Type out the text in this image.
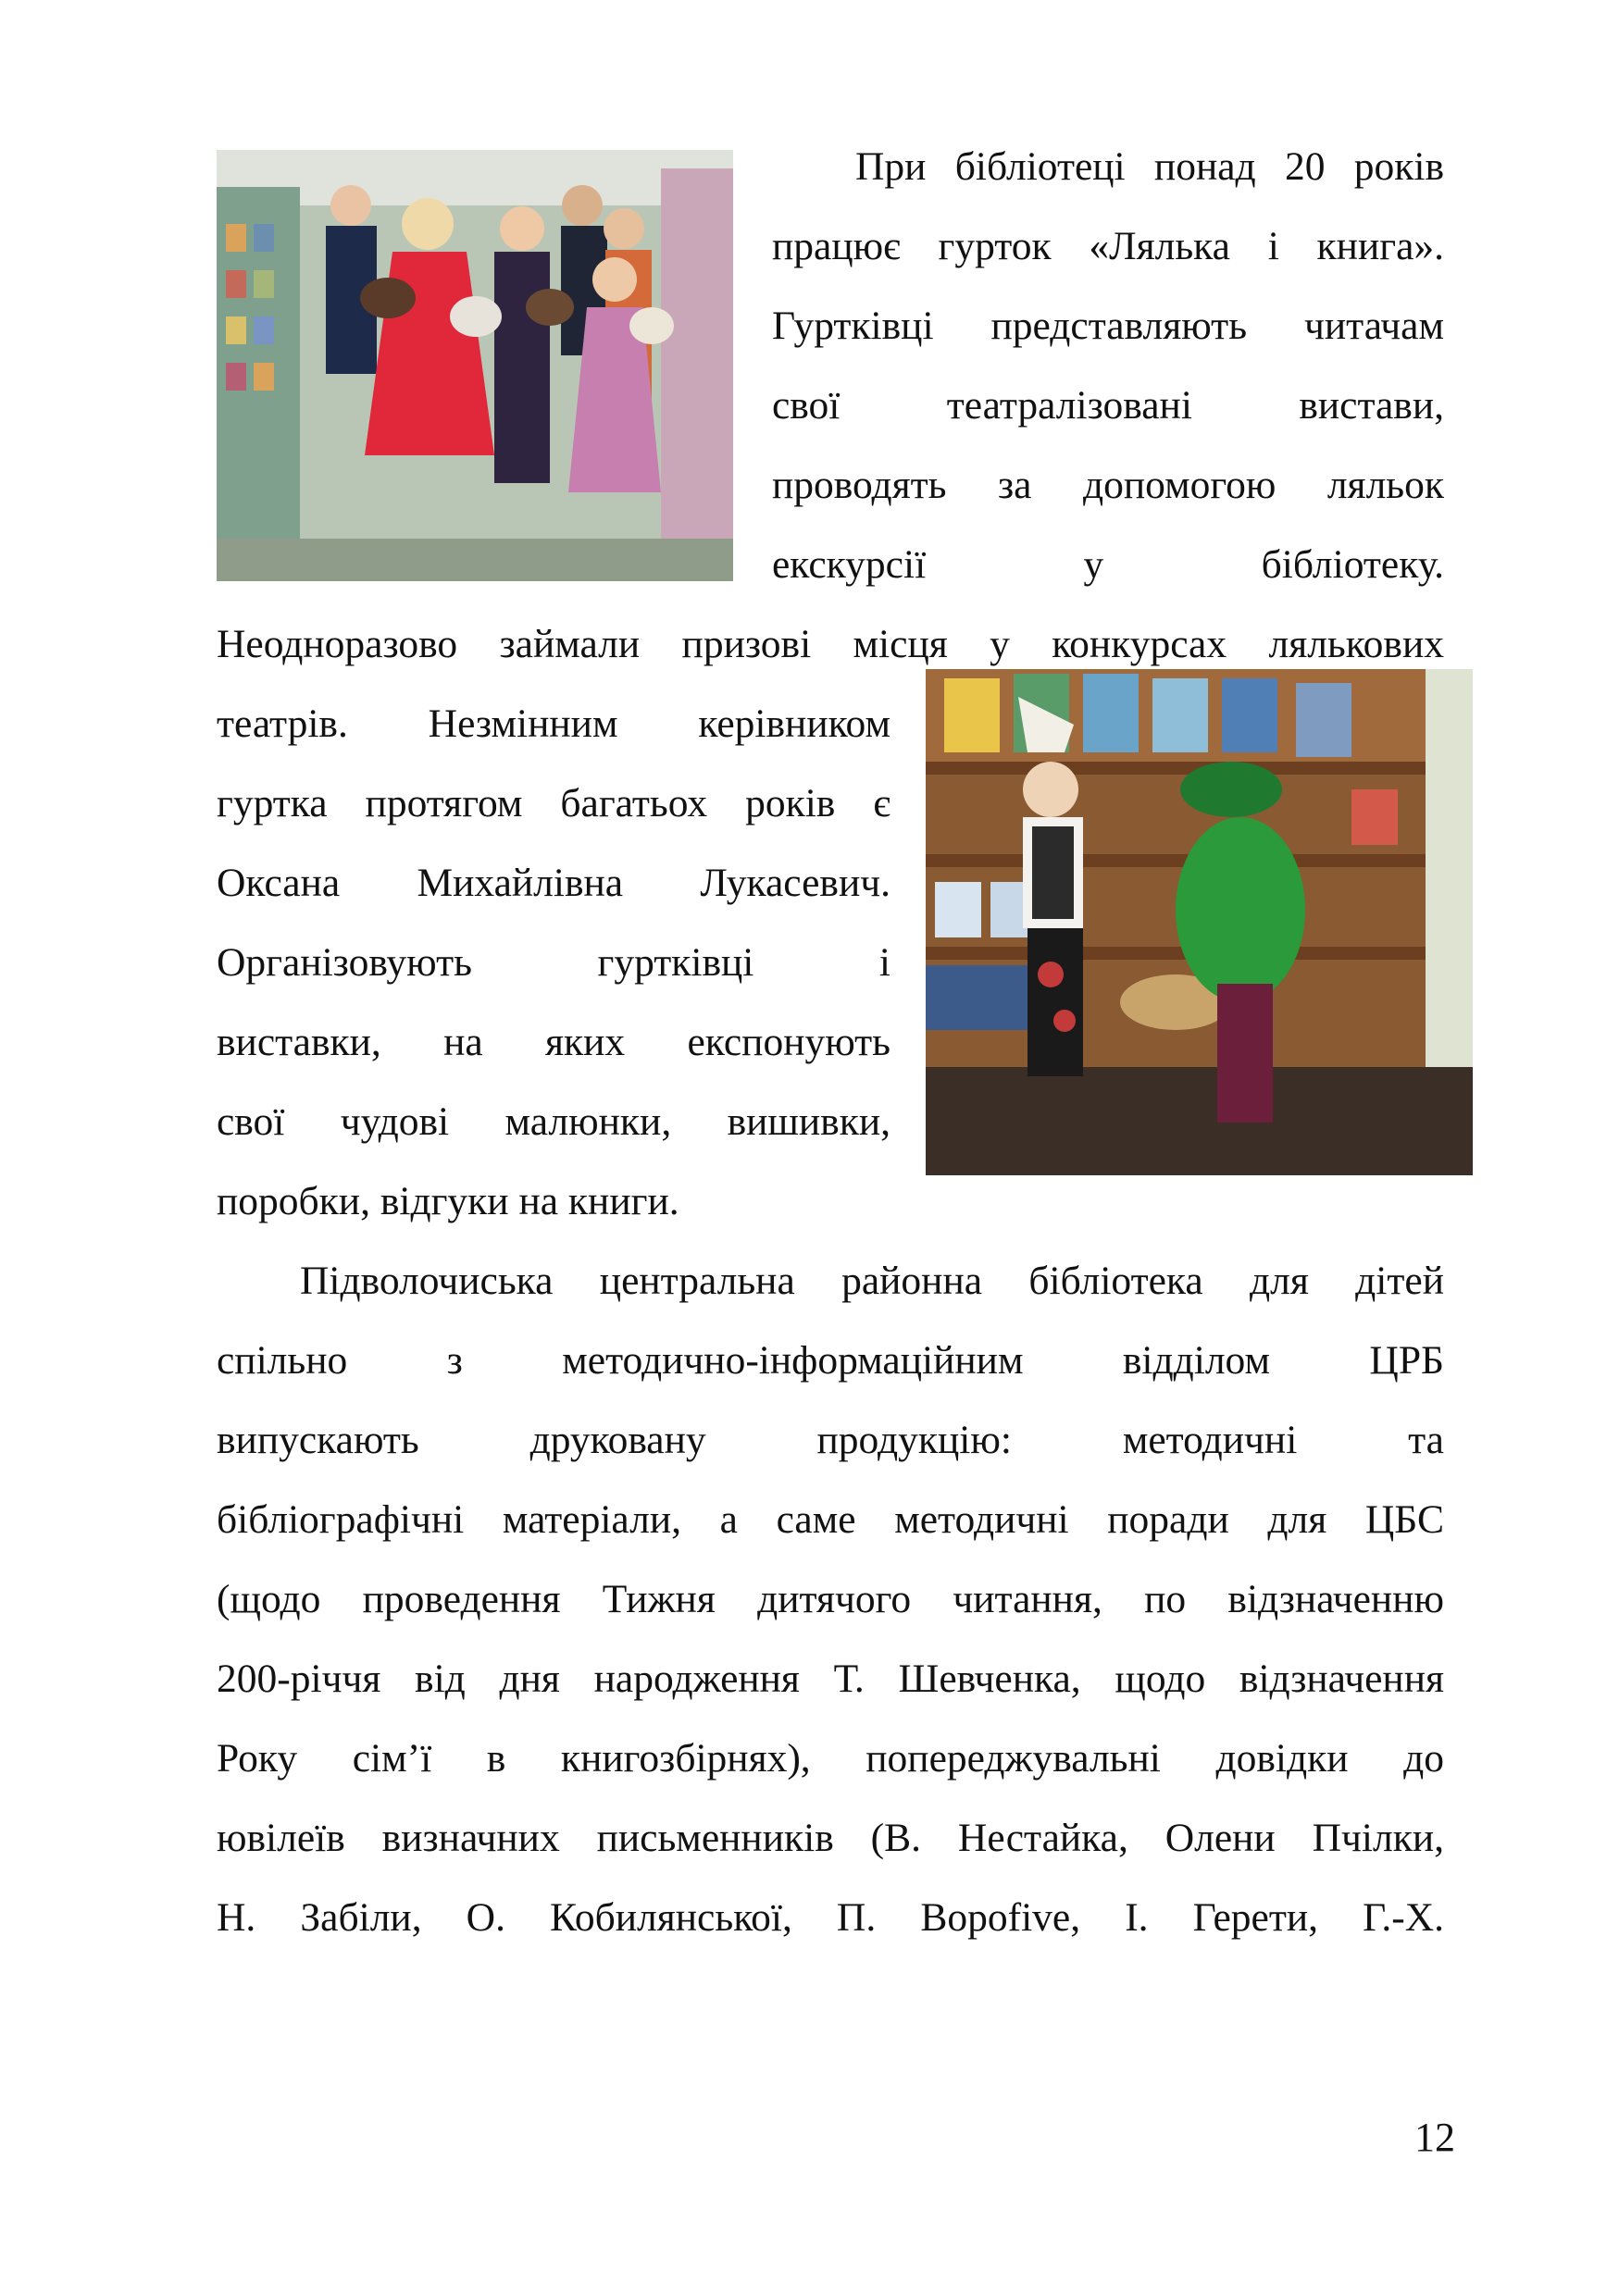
При бібліотеці понад 20 років
працює гурток «Лялька і книга».
Гуртківці представляють читачам
свої театралізовані вистави,
проводять за допомогою ляльок
екскурсії у бібліотеку.
Неодноразово займали призові місця у конкурсах лялькових
театрів. Незмінним керівником
гуртка протягом багатьох років є
Оксана Михайлівна Лукасевич.
Організовують гуртківці і
виставки, на яких експонують
свої чудові малюнки, вишивки,
поробки, відгуки на книги.
Підволочиська центральна районна бібліотека для дітей
спільно з методично-інформаційним відділом ЦРБ
випускають друковану продукцію: методичні та
бібліографічні матеріали, а саме методичні поради для ЦБС
(щодо проведення Тижня дитячого читання, по відзначенню
200-річчя від дня народження Т. Шевченка, щодо відзначення
Року сім’ї в книгозбірнях), попереджувальні довідки до
ювілеїв визначних письменників (В. Нестайка, Олени Пчілки,
Н. Забіли, О. Кобилянської, П. Вороfive, І. Герети, Г.-Х.
12
